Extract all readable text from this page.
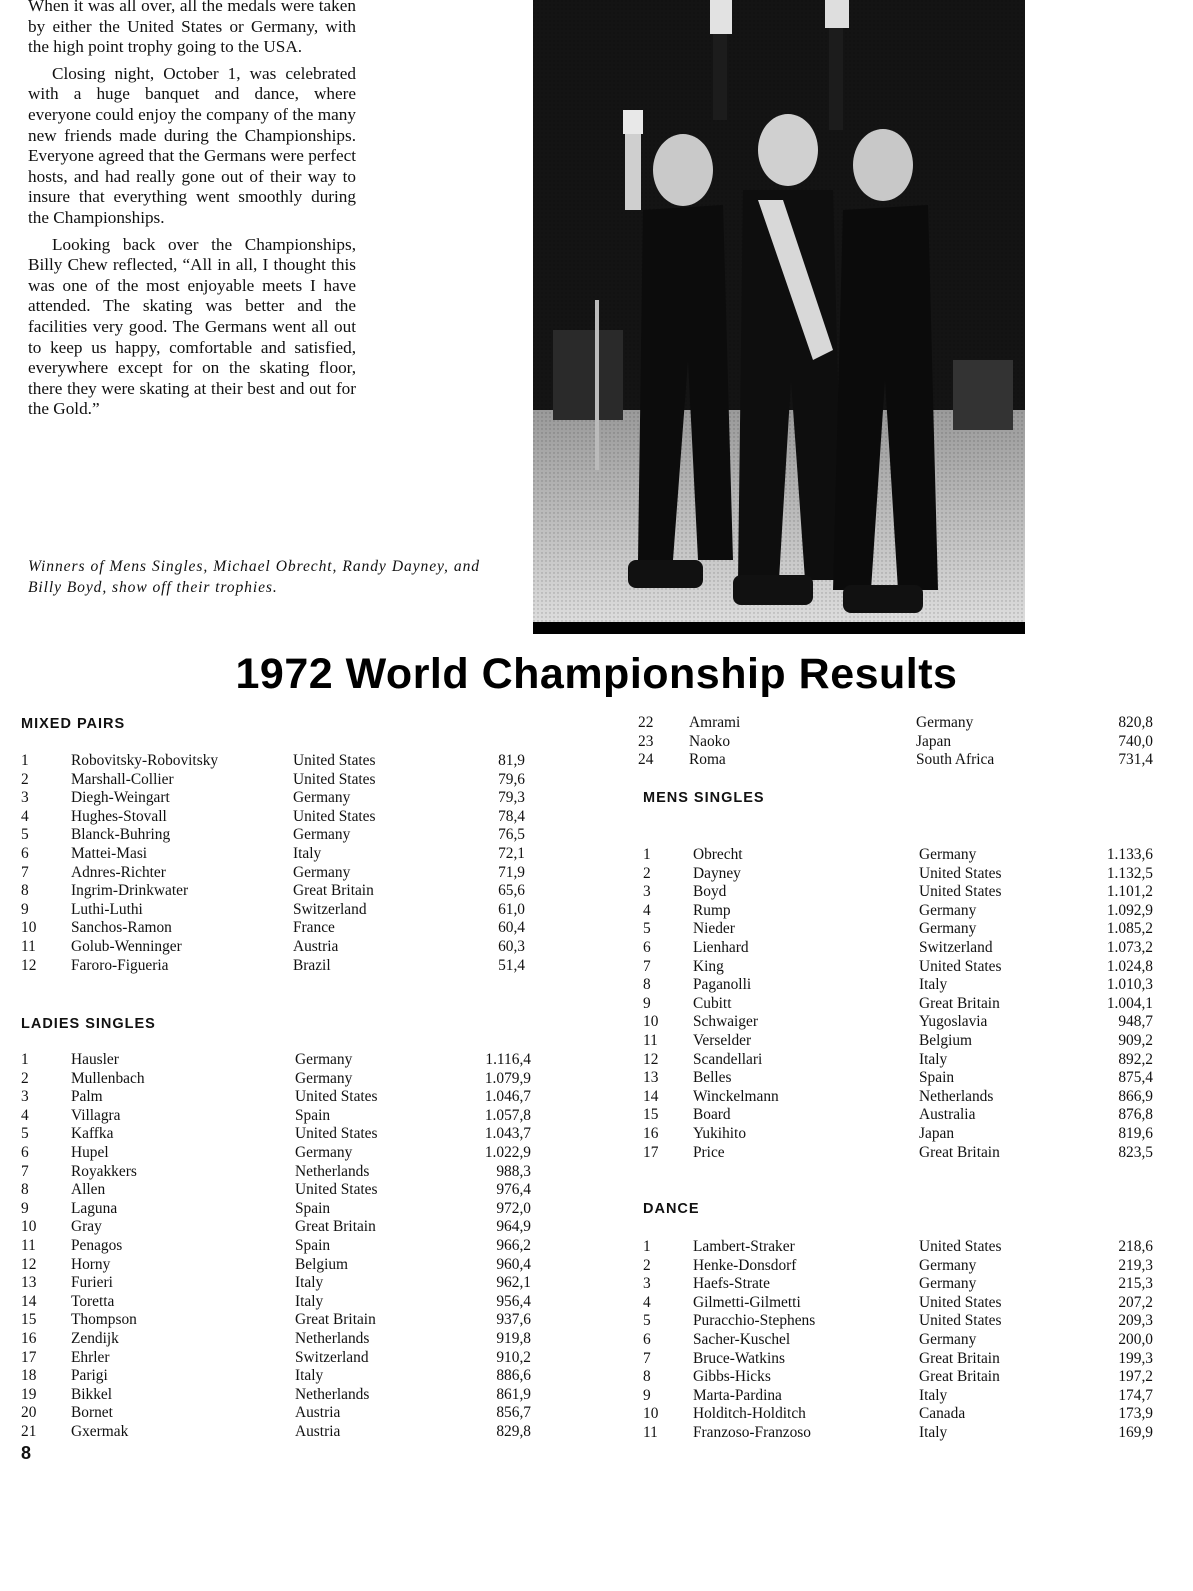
When it was all over, all the medals were taken by either the United States or Germany, with the high point trophy going to the USA.

Closing night, October 1, was celebrated with a huge banquet and dance, where everyone could enjoy the company of the many new friends made during the Championships. Everyone agreed that the Germans were perfect hosts, and had really gone out of their way to insure that everything went smoothly during the Championships.

Looking back over the Championships, Billy Chew reflected, “All in all, I thought this was one of the most enjoyable meets I have attended. The skating was better and the facilities very good. The Germans went all out to keep us happy, comfortable and satisfied, everywhere except for on the skating floor, there they were skating at their best and out for the Gold.”

Winners of Mens Singles, Michael Obrecht, Randy Dayney, and Billy Boyd, show off their trophies.
1972 World Championship Results
MIXED PAIRS
1	Robovitsky-Robovitsky	United States	81,9
2	Marshall-Collier	United States	79,6
3	Diegh-Weingart	Germany	79,3
4	Hughes-Stovall	United States	78,4
5	Blanck-Buhring	Germany	76,5
6	Mattei-Masi	Italy	72,1
7	Adnres-Richter	Germany	71,9
8	Ingrim-Drinkwater	Great Britain	65,6
9	Luthi-Luthi	Switzerland	61,0
10 Sanchos-Ramon	France	60,4
11 Golub-Wenninger	Austria	60,3
12 Faroro-Figueria	Brazil	51,4
LADIES SINGLES
1	Hausler	Germany	1.116,4
2	Mullenbach	Germany	1.079,9
3	Palm	United States	1.046,7
4	Villagra	Spain	1.057,8
5	Kaffka	United States	1.043,7
6	Hupel	Germany	1.022,9
7	Royakkers	Netherlands	988,3
8	Allen	United States	976,4
9	Laguna	Spain	972,0
10 Gray	Great Britain	964,9
11 Penagos	Spain	966,2
12 Horny	Belgium	960,4
13 Furieri	Italy	962,1
14 Toretta	Italy	956,4
15 Thompson	Great Britain	937,6
16 Zendijk	Netherlands	919,8
17 Ehrler	Switzerland	910,2
18 Parigi	Italy	886,6
19 Bikkel	Netherlands	861,9
20 Bornet	Austria	856,7
21 Gxermak	Austria	829,8
22 Amrami	Germany	820,8
23 Naoko	Japan	740,0
24 Roma	South Africa	731,4
MENS SINGLES
1	Obrecht	Germany	1.133,6
2	Dayney	United States	1.132,5
3	Boyd	United States	1.101,2
4	Rump	Germany	1.092,9
5	Nieder	Germany	1.085,2
6	Lienhard	Switzerland	1.073,2
7	King	United States	1.024,8
8	Paganolli	Italy	1.010,3
9	Cubitt	Great Britain	1.004,1
10 Schwaiger	Yugoslavia	948,7
11 Verselder	Belgium	909,2
12 Scandellari	Italy	892,2
13 Belles	Spain	875,4
14 Winckelmann	Netherlands	866,9
15 Board	Australia	876,8
16 Yukihito	Japan	819,6
17 Price	Great Britain	823,5
DANCE
1	Lambert-Straker	United States	218,6
2	Henke-Donsdorf	Germany	219,3
3	Haefs-Strate	Germany	215,3
4	Gilmetti-Gilmetti	United States	207,2
5	Puracchio-Stephens	United States	209,3
6	Sacher-Kuschel	Germany	200,0
7	Bruce-Watkins	Great Britain	199,3
8	Gibbs-Hicks	Great Britain	197,2
9	Marta-Pardina	Italy	174,7
10 Holditch-Holditch	Canada	173,9
11 Franzoso-Franzoso	Italy	169,9
8
